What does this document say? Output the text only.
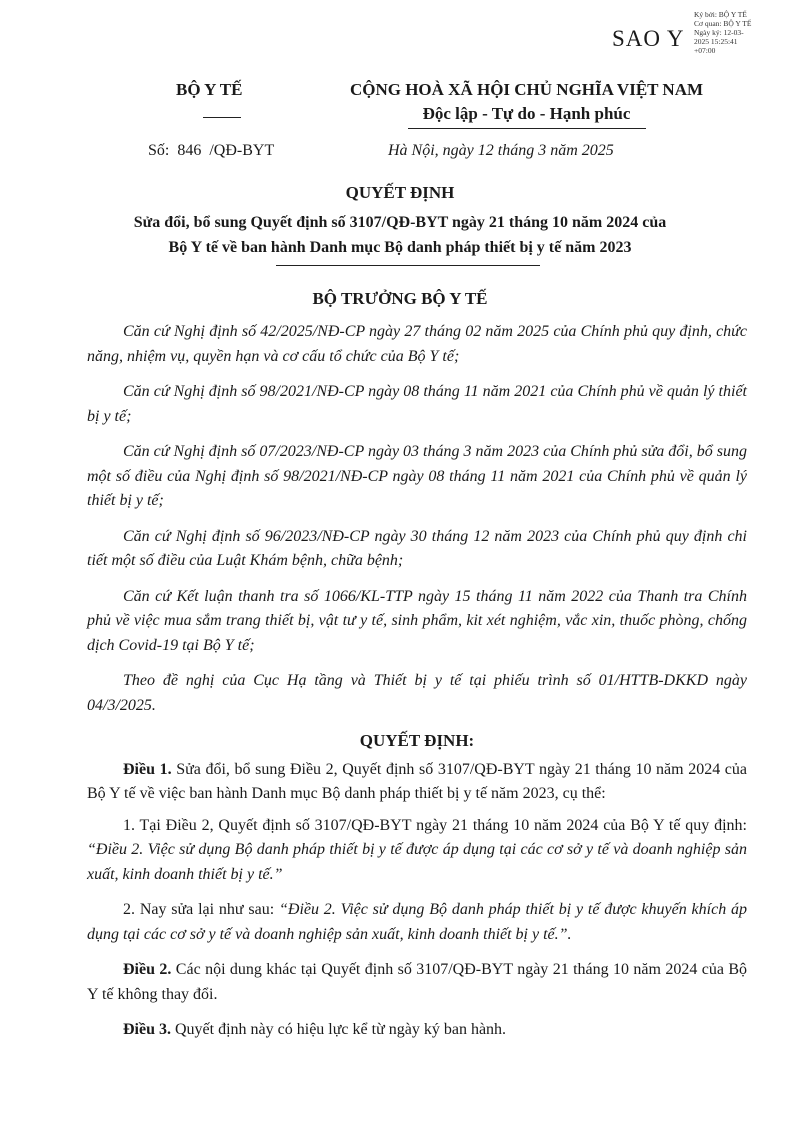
SAO Y
Ký bởi: BỘ Y TẾ
Cơ quan: BỘ Y TẾ
Ngày ký: 12-03-
2025 15:25:41
+07:00
BỘ Y TẾ	CỘNG HOÀ XÃ HỘI CHỦ NGHĨA VIỆT NAM
Độc lập - Tự do - Hạnh phúc
Số: 846 /QĐ-BYT	Hà Nội, ngày 12 tháng 3 năm 2025
QUYẾT ĐỊNH
Sửa đổi, bổ sung Quyết định số 3107/QĐ-BYT ngày 21 tháng 10 năm 2024 của
Bộ Y tế về ban hành Danh mục Bộ danh pháp thiết bị y tế năm 2023
BỘ TRƯỞNG BỘ Y TẾ

Căn cứ Nghị định số 42/2025/NĐ-CP ngày 27 tháng 02 năm 2025 của Chính phủ quy định, chức năng, nhiệm vụ, quyền hạn và cơ cấu tổ chức của Bộ Y tế;

Căn cứ Nghị định số 98/2021/NĐ-CP ngày 08 tháng 11 năm 2021 của Chính phủ về quản lý thiết bị y tế;

Căn cứ Nghị định số 07/2023/NĐ-CP ngày 03 tháng 3 năm 2023 của Chính phủ sửa đổi, bổ sung một số điều của Nghị định số 98/2021/NĐ-CP ngày 08 tháng 11 năm 2021 của Chính phủ về quản lý thiết bị y tế;

Căn cứ Nghị định số 96/2023/NĐ-CP ngày 30 tháng 12 năm 2023 của Chính phủ quy định chi tiết một số điều của Luật Khám bệnh, chữa bệnh;

Căn cứ Kết luận thanh tra số 1066/KL-TTP ngày 15 tháng 11 năm 2022 của Thanh tra Chính phủ về việc mua sắm trang thiết bị, vật tư y tế, sinh phẩm, kit xét nghiệm, vắc xin, thuốc phòng, chống dịch Covid-19 tại Bộ Y tế;

Theo đề nghị của Cục Hạ tầng và Thiết bị y tế tại phiếu trình số 01/HTTB-DKKD ngày 04/3/2025.

QUYẾT ĐỊNH:

Điều 1. Sửa đổi, bổ sung Điều 2, Quyết định số 3107/QĐ-BYT ngày 21 tháng 10 năm 2024 của Bộ Y tế về việc ban hành Danh mục Bộ danh pháp thiết bị y tế năm 2023, cụ thể:

1. Tại Điều 2, Quyết định số 3107/QĐ-BYT ngày 21 tháng 10 năm 2024 của Bộ Y tế quy định: “Điều 2. Việc sử dụng Bộ danh pháp thiết bị y tế được áp dụng tại các cơ sở y tế và doanh nghiệp sản xuất, kinh doanh thiết bị y tế.”

2. Nay sửa lại như sau: “Điều 2. Việc sử dụng Bộ danh pháp thiết bị y tế được khuyến khích áp dụng tại các cơ sở y tế và doanh nghiệp sản xuất, kinh doanh thiết bị y tế.”.

Điều 2. Các nội dung khác tại Quyết định số 3107/QĐ-BYT ngày 21 tháng 10 năm 2024 của Bộ Y tế không thay đổi.

Điều 3. Quyết định này có hiệu lực kể từ ngày ký ban hành.
